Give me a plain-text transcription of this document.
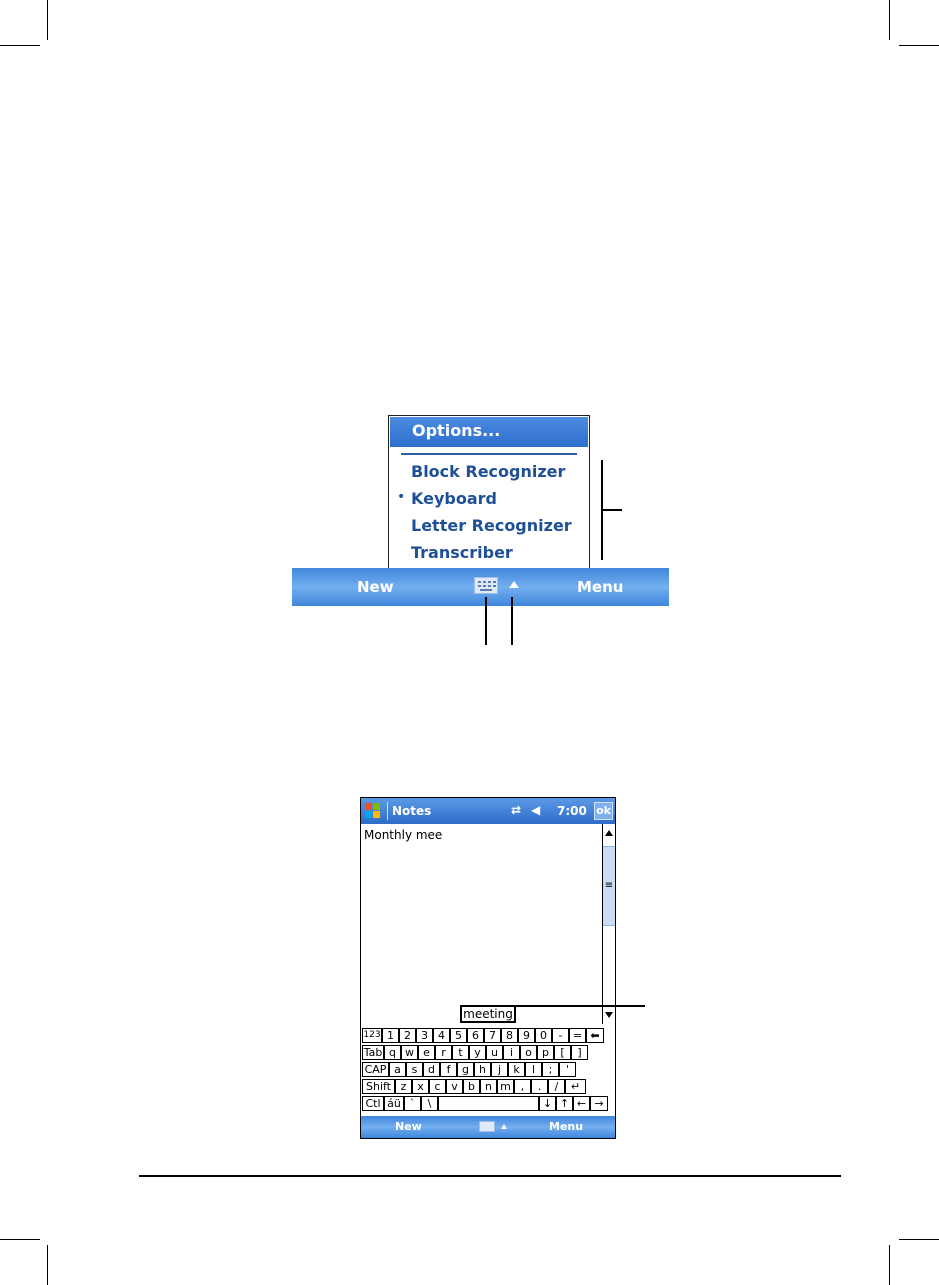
Options...
Block Recognizer
• Keyboard
Letter Recognizer
Transcriber
New	Menu
Notes	⇄ ◀ 7:00 ok
Monthly mee
≡
meeting
123 1 2 3 4 5 6 7 8 9 0	- = ⬅
Tab q w e	r	t	y u	i	o p	[	]
CAP a s d	f	g h	j	k	l	;	'
Shift z x c v b n m ,	.	/	↵
Ctl áü `	\	↓ ↑ ← →
New	Menu
